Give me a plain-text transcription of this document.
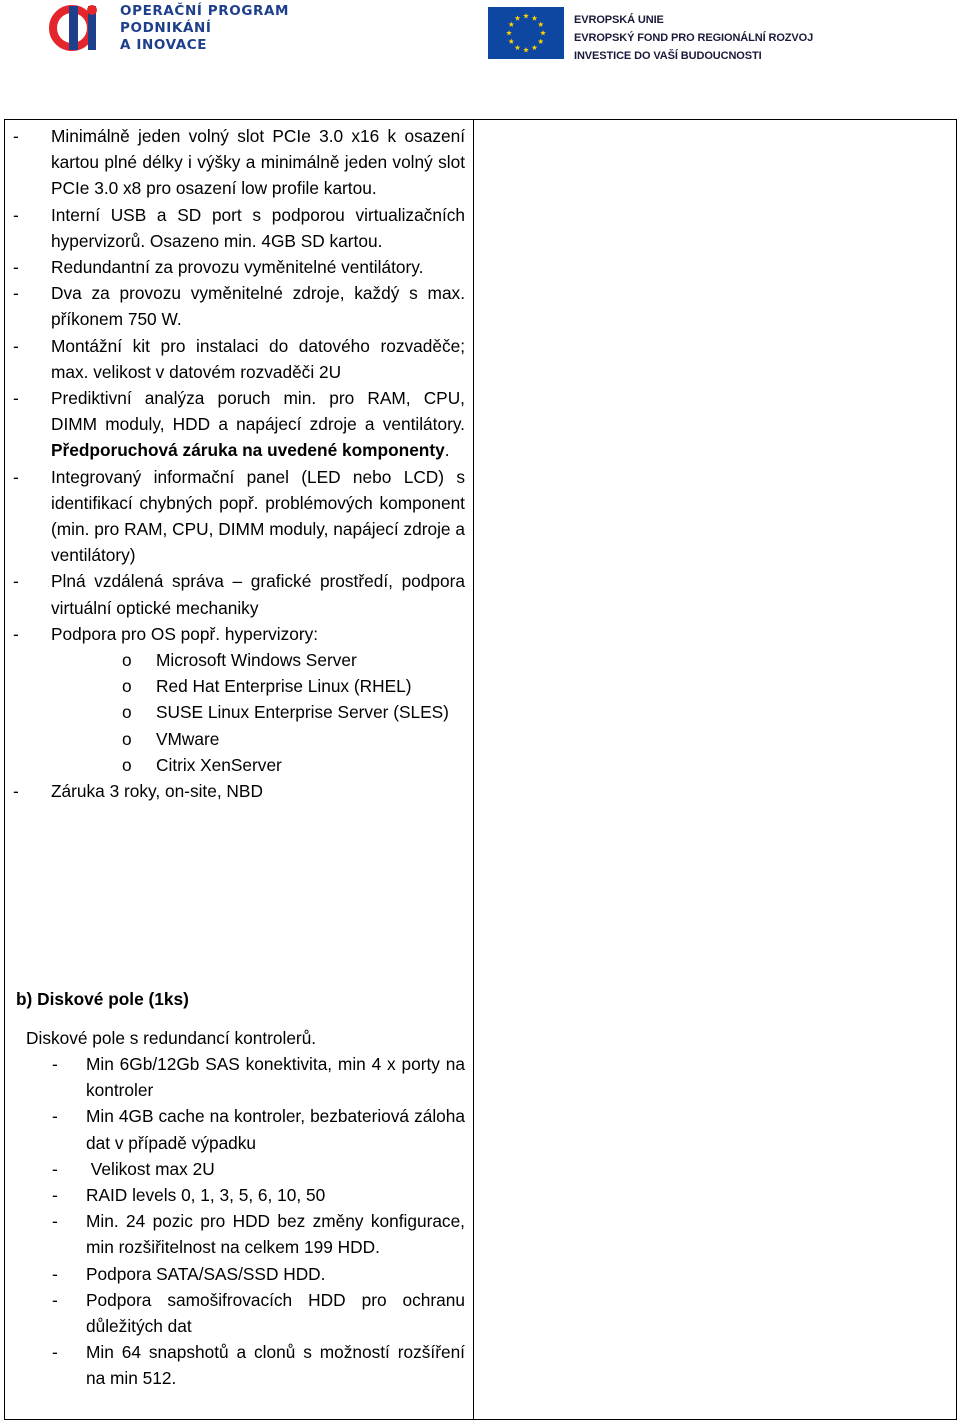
OPERAČNÍ PROGRAM
PODNIKÁNÍ
A INOVACE
EVROPSKÁ UNIE
EVROPSKÝ FOND PRO REGIONÁLNÍ ROZVOJ
INVESTICE DO VAŠÍ BUDOUCNOSTI
- Minimálně jeden volný slot PCIe 3.0 x16 k osazení kartou plné délky i výšky a minimálně jeden volný slot PCIe 3.0 x8 pro osazení low profile kartou.
- Interní USB a SD port s podporou virtualizačních hypervizorů. Osazeno min. 4GB SD kartou.
- Redundantní za provozu vyměnitelné ventilátory.
- Dva za provozu vyměnitelné zdroje, každý s max. příkonem 750 W.
- Montážní kit pro instalaci do datového rozvaděče; max. velikost v datovém rozvaděči 2U
- Prediktivní analýza poruch min. pro RAM, CPU, DIMM moduly, HDD a napájecí zdroje a ventilátory. Předporuchová záruka na uvedené komponenty.
- Integrovaný informační panel (LED nebo LCD) s identifikací chybných popř. problémových komponent (min. pro RAM, CPU, DIMM moduly, napájecí zdroje a ventilátory)
- Plná vzdálená správa – grafické prostředí, podpora virtuální optické mechaniky
- Podpora pro OS popř. hypervizory:
o Microsoft Windows Server
o Red Hat Enterprise Linux (RHEL)
o SUSE Linux Enterprise Server (SLES)
o VMware
o Citrix XenServer
- Záruka 3 roky, on-site, NBD
b) Diskové pole (1ks)
Diskové pole s redundancí kontrolerů.
- Min 6Gb/12Gb SAS konektivita, min 4 x porty na kontroler
- Min 4GB cache na kontroler, bezbateriová záloha dat v případě výpadku
- Velikost max 2U
- RAID levels 0, 1, 3, 5, 6, 10, 50
- Min. 24 pozic pro HDD bez změny konfigurace, min rozšiřitelnost na celkem 199 HDD.
- Podpora SATA/SAS/SSD HDD.
- Podpora samošifrovacích HDD pro ochranu důležitých dat
- Min 64 snapshotů a clonů s možností rozšíření na min 512.
